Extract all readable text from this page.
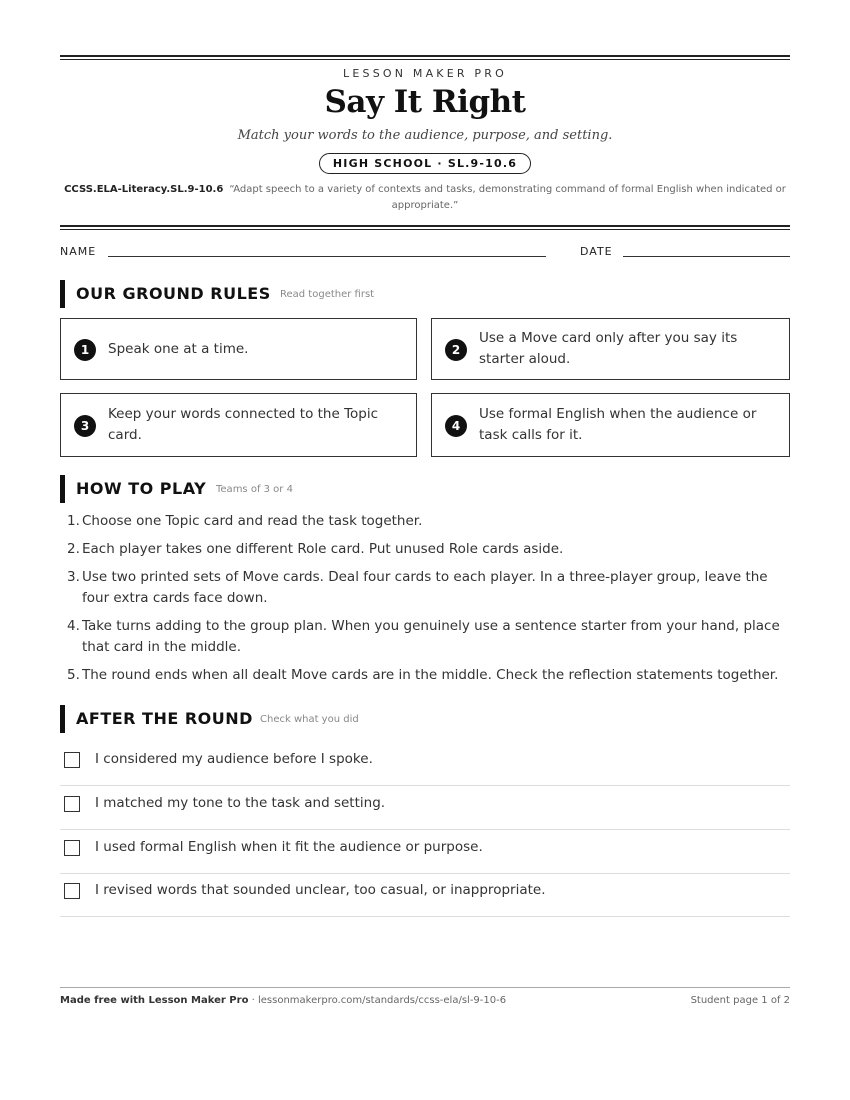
LESSON MAKER PRO
Say It Right
Match your words to the audience, purpose, and setting.
HIGH SCHOOL · SL.9-10.6
CCSS.ELA-Literacy.SL.9-10.6 “Adapt speech to a variety of contexts and tasks, demonstrating command of formal English when indicated or appropriate.”
NAME	DATE
OUR GROUND RULES Read together first
1	Speak one at a time.	2
Use a Move card only after you say its starter aloud.
3
Keep your words connected to the Topic card.
4
Use formal English when the audience or task calls for it.
HOW TO PLAY Teams of 3 or 4
1. Choose one Topic card and read the task together.
2. Each player takes one different Role card. Put unused Role cards aside.
3. Use two printed sets of Move cards. Deal four cards to each player. In a three-player group, leave the four extra cards face down.
4. Take turns adding to the group plan. When you genuinely use a sentence starter from your hand, place that card in the middle.
5. The round ends when all dealt Move cards are in the middle. Check the reflection statements together.
AFTER THE ROUND Check what you did
I considered my audience before I spoke.
I matched my tone to the task and setting.
I used formal English when it fit the audience or purpose.
I revised words that sounded unclear, too casual, or inappropriate.
Made free with Lesson Maker Pro · lessonmakerpro.com/standards/ccss-ela/sl-9-10-6	Student page 1 of 2
